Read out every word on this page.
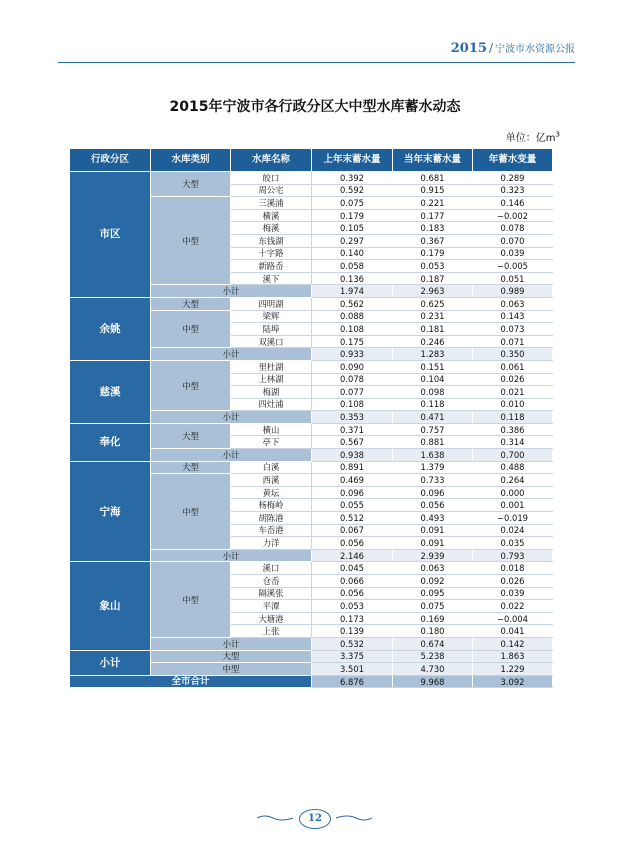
2015 / 宁波市水资源公报
2015年宁波市各行政分区大中型水库蓄水动态
单位：亿$m^3$
行政分区	水库类别	水库名称	上年末蓄水量	当年末蓄水量	年蓄水变量
市区	大型	皎口	0.392	0.681	0.289
		周公宅	0.592	0.915	0.323
	中型	三溪浦	0.075	0.221	0.146
		横溪	0.179	0.177	−0.002
		梅溪	0.105	0.183	0.078
		东钱湖	0.297	0.367	0.070
		十字路	0.140	0.179	0.039
		新路岙	0.058	0.053	−0.005
		溪下	0.136	0.187	0.051
	小计		1.974	2.963	0.989
余姚	大型	四明湖	0.562	0.625	0.063
	中型	梁辉	0.088	0.231	0.143
		陆埠	0.108	0.181	0.073
		双溪口	0.175	0.246	0.071
	小计		0.933	1.283	0.350
慈溪	中型	里杜湖	0.090	0.151	0.061
		上林湖	0.078	0.104	0.026
		梅湖	0.077	0.098	0.021
		四灶浦	0.108	0.118	0.010
	小计		0.353	0.471	0.118
奉化	大型	横山	0.371	0.757	0.386
		亭下	0.567	0.881	0.314
	小计		0.938	1.638	0.700
宁海	大型	白溪	0.891	1.379	0.488
	中型	西溪	0.469	0.733	0.264
		黄坛	0.096	0.096	0.000
		杨梅岭	0.055	0.056	0.001
		胡陈港	0.512	0.493	−0.019
		车岙港	0.067	0.091	0.024
		力洋	0.056	0.091	0.035
	小计		2.146	2.939	0.793
象山	中型	溪口	0.045	0.063	0.018
		仓岙	0.066	0.092	0.026
		隔溪张	0.056	0.095	0.039
		平潭	0.053	0.075	0.022
		大塘港	0.173	0.169	−0.004
		上张	0.139	0.180	0.041
	小计		0.532	0.674	0.142
小计	大型		3.375	5.238	1.863
	中型		3.501	4.730	1.229
全市合计			6.876	9.968	3.092
12
